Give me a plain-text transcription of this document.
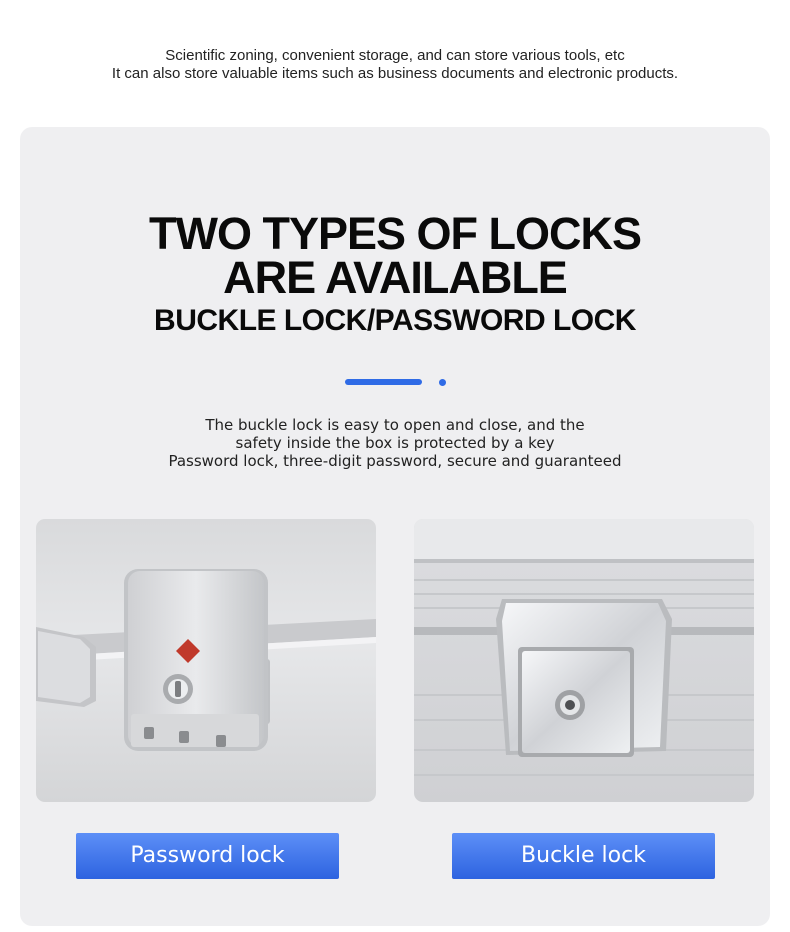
Scientific zoning, convenient storage, and can store various tools, etc
It can also store valuable items such as business documents and electronic products.
TWO TYPES OF LOCKS
ARE AVAILABLE
BUCKLE LOCK/PASSWORD LOCK
The buckle lock is easy to open and close, and the
safety inside the box is protected by a key
Password lock, three-digit password, secure and guaranteed
Password lock	Buckle lock
